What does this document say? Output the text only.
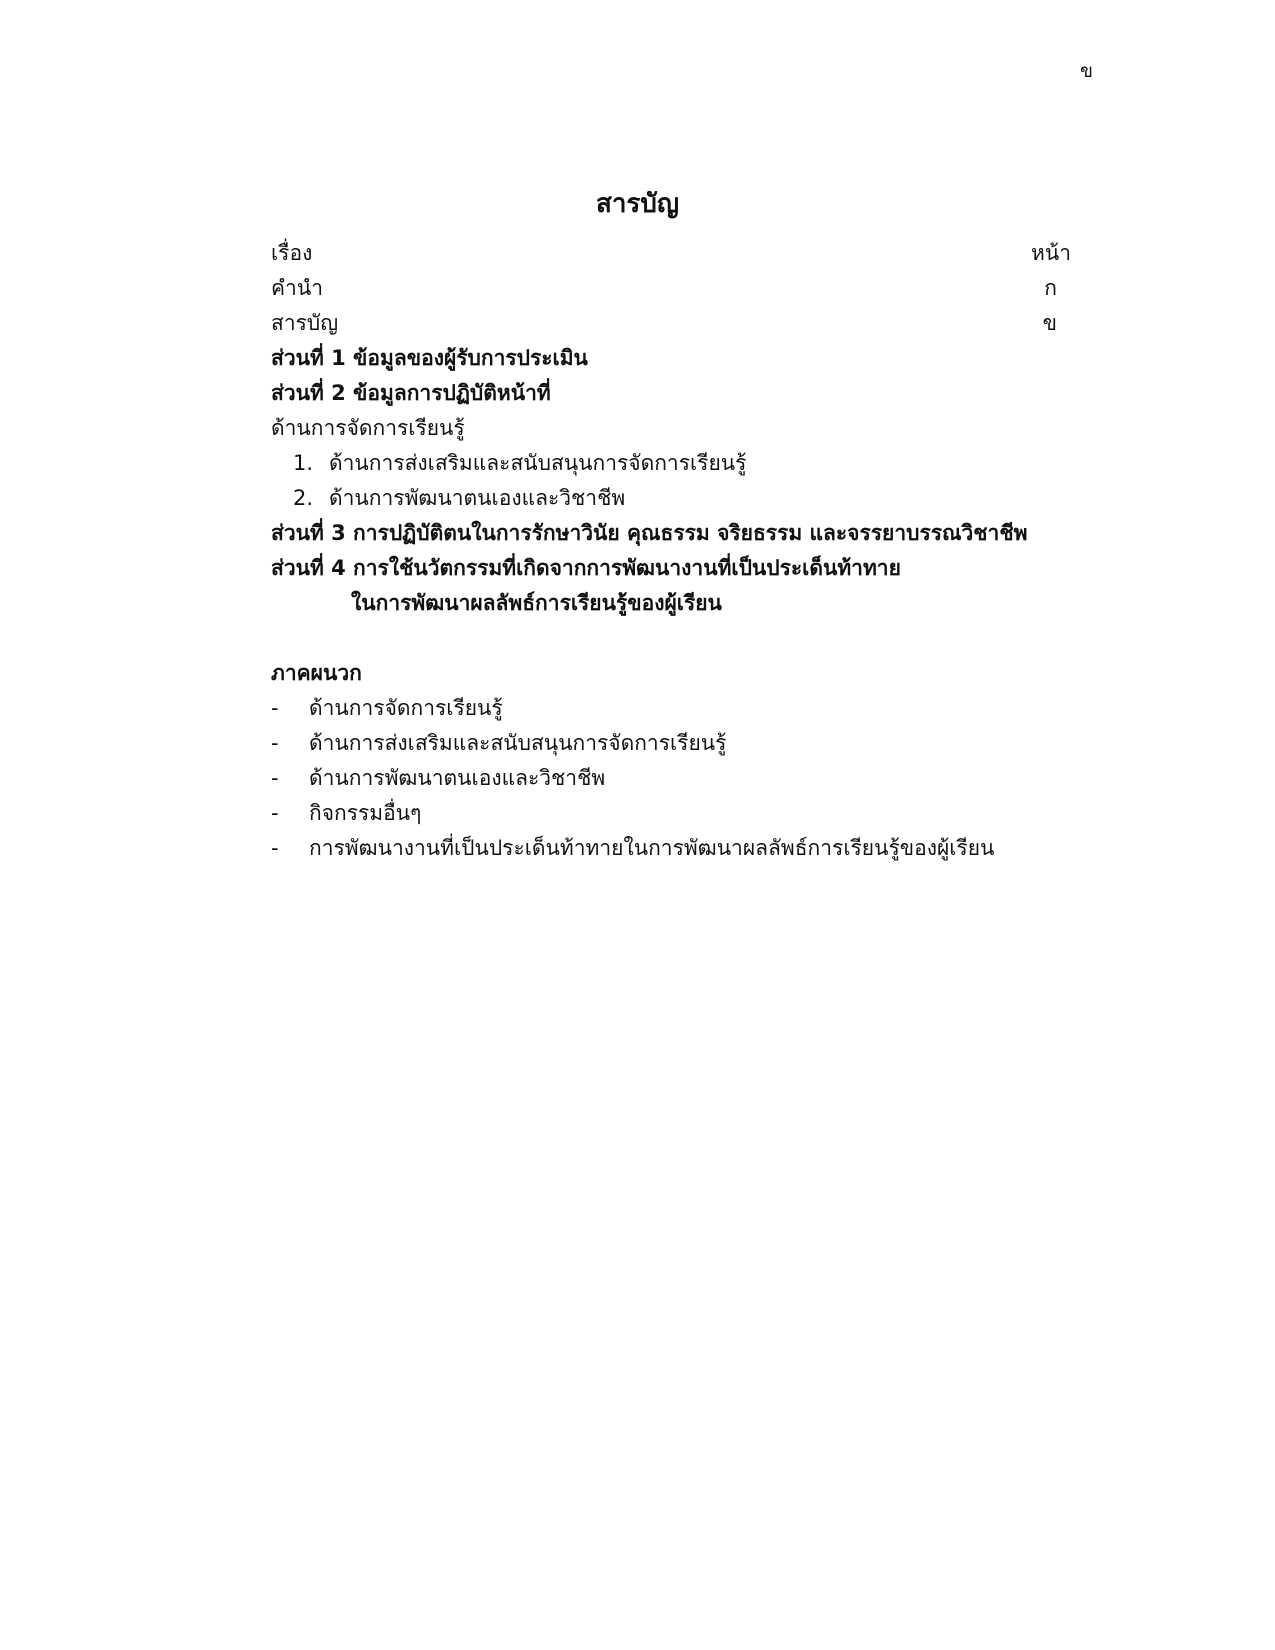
ข
สารบัญ
เรื่อง	หน้า
คำนำ	ก
สารบัญ	ข
ส่วนที่ 1 ข้อมูลของผู้รับการประเมิน
ส่วนที่ 2 ข้อมูลการปฏิบัติหน้าที่
ด้านการจัดการเรียนรู้
1. ด้านการส่งเสริมและสนับสนุนการจัดการเรียนรู้
2. ด้านการพัฒนาตนเองและวิชาชีพ
ส่วนที่ 3 การปฏิบัติตนในการรักษาวินัย คุณธรรม จริยธรรม และจรรยาบรรณวิชาชีพ
ส่วนที่ 4 การใช้นวัตกรรมที่เกิดจากการพัฒนางานที่เป็นประเด็นท้าทาย
ในการพัฒนาผลลัพธ์การเรียนรู้ของผู้เรียน
ภาคผนวก
- ด้านการจัดการเรียนรู้
- ด้านการส่งเสริมและสนับสนุนการจัดการเรียนรู้
- ด้านการพัฒนาตนเองและวิชาชีพ
- กิจกรรมอื่นๆ
- การพัฒนางานที่เป็นประเด็นท้าทายในการพัฒนาผลลัพธ์การเรียนรู้ของผู้เรียน
